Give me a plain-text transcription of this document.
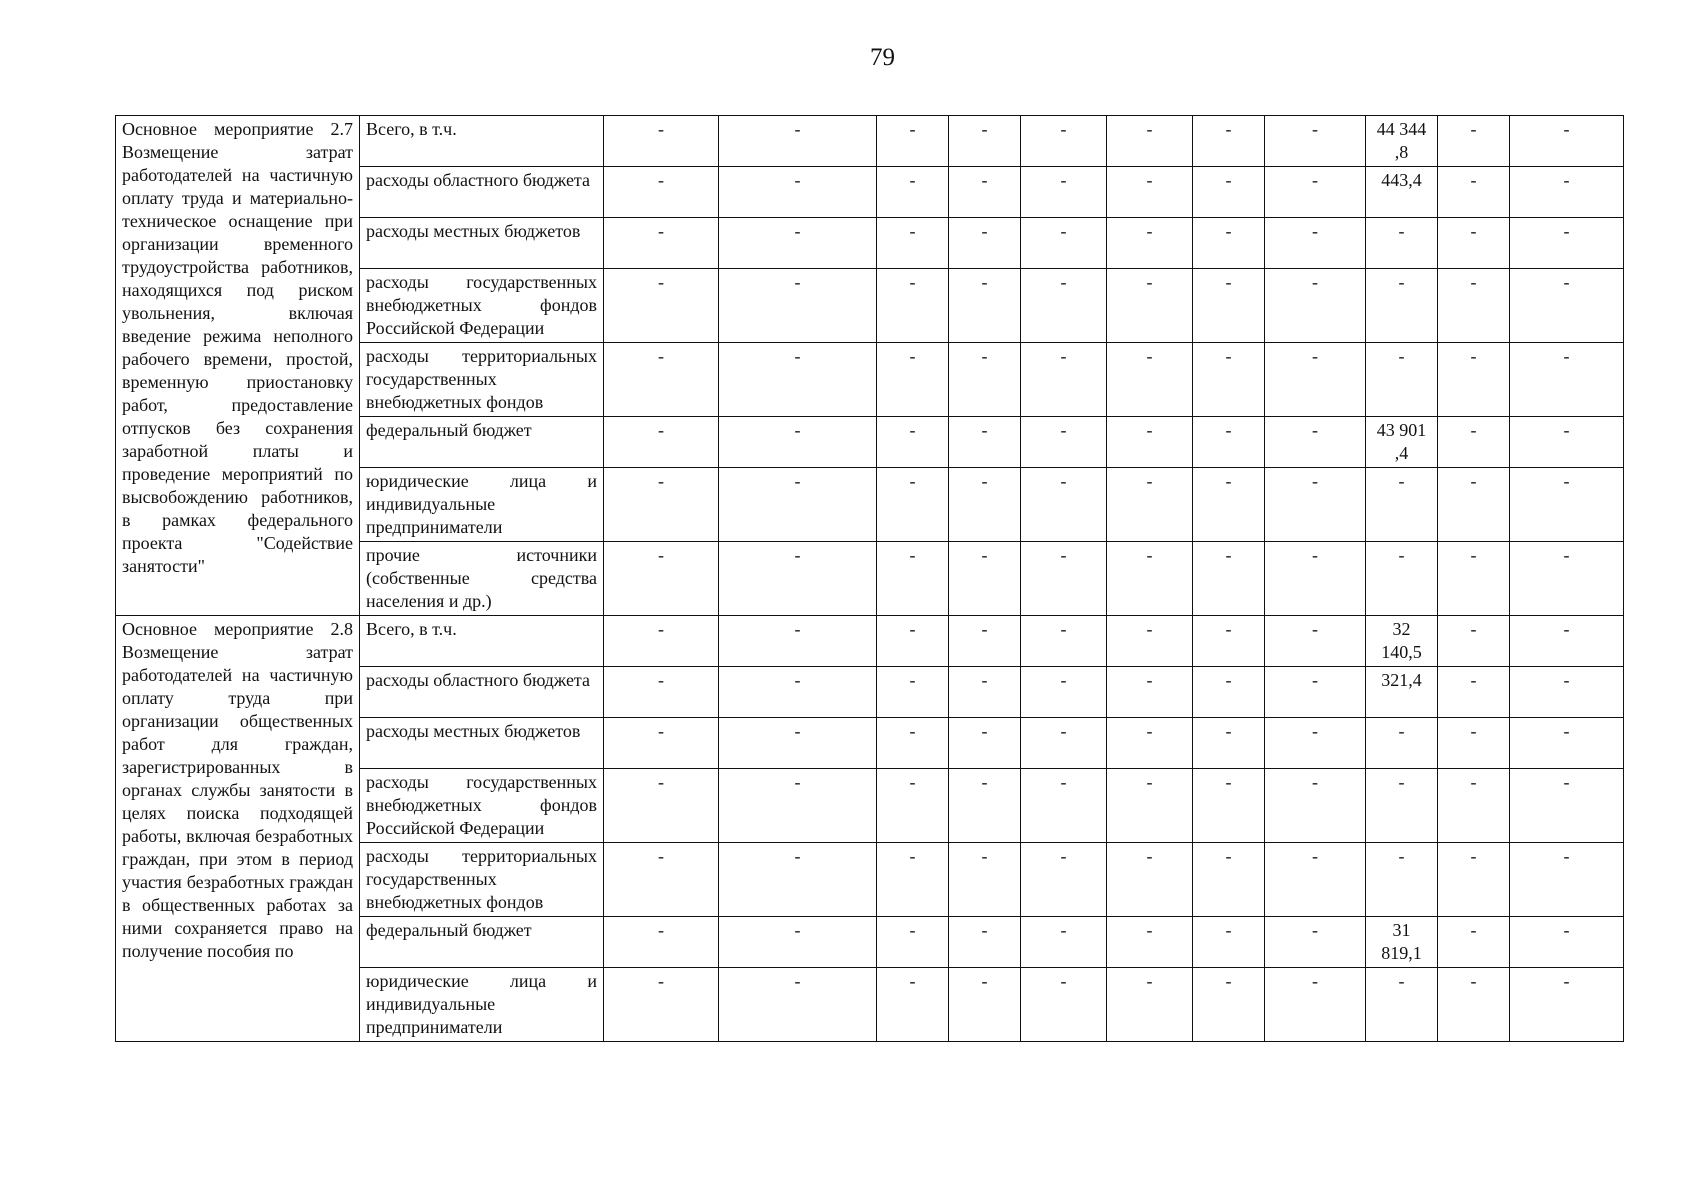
79
Основное мероприятие 2.7 Возмещение затрат работодателей на частичную оплату труда и материально-техническое оснащение при организации временного трудоустройства работников, находящихся под риском увольнения, включая введение режима неполного рабочего времени, простой, временную приостановку работ, предоставление отпусков без сохранения заработной платы и проведение мероприятий по высвобождению работников, в рамках федерального проекта "Содействие занятости"	Всего, в т.ч.	-	-	-	-	-	-	-	-	44 344 ,8	-	-
	расходы областного бюджета	-	-	-	-	-	-	-	-	443,4	-	-
	расходы местных бюджетов	-	-	-	-	-	-	-	-	-	-	-
	расходы государственных внебюджетных фондов Российской Федерации	-	-	-	-	-	-	-	-	-	-	-
	расходы территориальных государственных внебюджетных фондов	-	-	-	-	-	-	-	-	-	-	-
	федеральный бюджет	-	-	-	-	-	-	-	-	43 901 ,4	-	-
	юридические лица и индивидуальные предприниматели	-	-	-	-	-	-	-	-	-	-	-
	прочие источники (собственные средства населения и др.)	-	-	-	-	-	-	-	-	-	-	-
Основное мероприятие 2.8 Возмещение затрат работодателей на частичную оплату труда при организации общественных работ для граждан, зарегистрированных в органах службы занятости в целях поиска подходящей работы, включая безработных граждан, при этом в период участия безработных граждан в общественных работах за ними сохраняется право на получение пособия по	Всего, в т.ч.	-	-	-	-	-	-	-	-	32 140,5	-	-
	расходы областного бюджета	-	-	-	-	-	-	-	-	321,4	-	-
	расходы местных бюджетов	-	-	-	-	-	-	-	-	-	-	-
	расходы государственных внебюджетных фондов Российской Федерации	-	-	-	-	-	-	-	-	-	-	-
	расходы территориальных государственных внебюджетных фондов	-	-	-	-	-	-	-	-	-	-	-
	федеральный бюджет	-	-	-	-	-	-	-	-	31 819,1	-	-
	юридические лица и индивидуальные предприниматели	-	-	-	-	-	-	-	-	-	-	-
